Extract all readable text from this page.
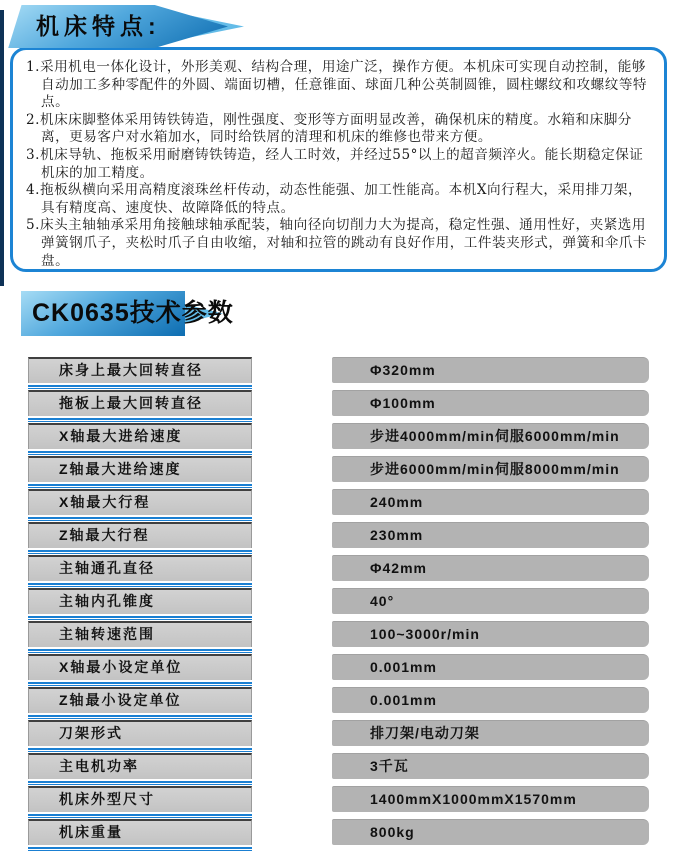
机床特点:
1.采用机电一体化设计，外形美观、结构合理，用途广泛，操作方便。本机床可实现自动控制，能够自动加工多种零配件的外圆、端面切槽，任意锥面、球面几种公英制圆锥，圆柱螺纹和攻螺纹等特点。
2.机床床脚整体采用铸铁铸造，刚性强度、变形等方面明显改善，确保机床的精度。水箱和床脚分离，更易客户对水箱加水，同时给铁屑的清理和机床的维修也带来方便。
3.机床导轨、拖板采用耐磨铸铁铸造，经人工时效，并经过55°以上的超音频淬火。能长期稳定保证机床的加工精度。
4.拖板纵横向采用高精度滚珠丝杆传动，动态性能强、加工性能高。本机X向行程大，采用排刀架，具有精度高、速度快、故障降低的特点。
5.床头主轴轴承采用角接触球轴承配装，轴向径向切削力大为提高，稳定性强、通用性好，夹紧选用弹簧钢爪子，夹松时爪子自由收缩，对轴和拉管的跳动有良好作用，工件装夹形式，弹簧和伞爪卡盘。
CK0635技术参数
床身上最大回转直径	Φ320mm
拖板上最大回转直径	Φ100mm
X轴最大进给速度	步进4000mm/min伺服6000mm/min
Z轴最大进给速度	步进6000mm/min伺服8000mm/min
X轴最大行程	240mm
Z轴最大行程	230mm
主轴通孔直径	Φ42mm
主轴内孔锥度	40°
主轴转速范围	100~3000r/min
X轴最小设定单位	0.001mm
Z轴最小设定单位	0.001mm
刀架形式	排刀架/电动刀架
主电机功率	3千瓦
机床外型尺寸	1400mmX1000mmX1570mm
机床重量	800kg
